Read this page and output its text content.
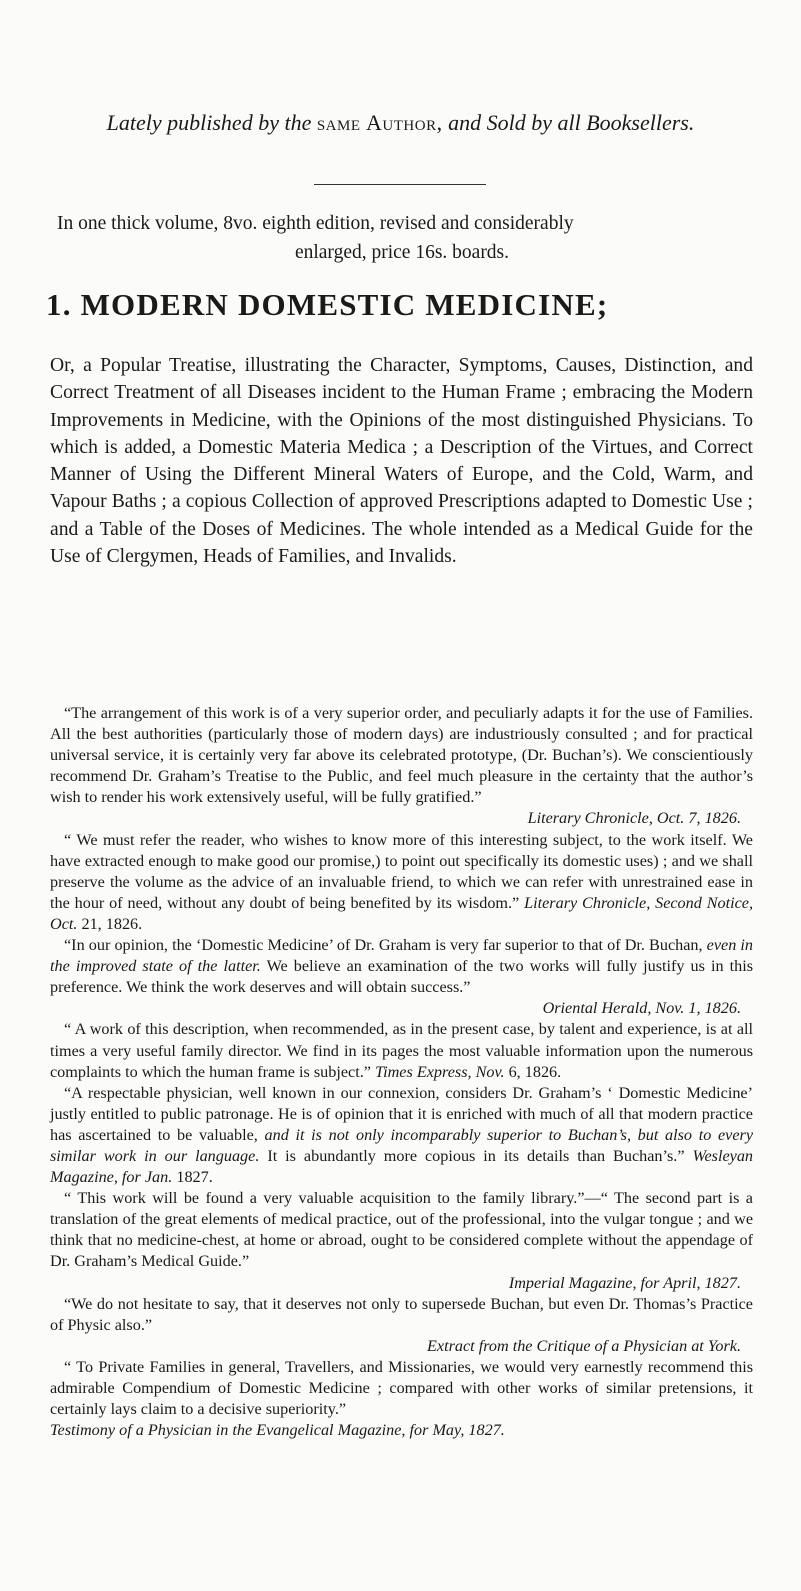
Lately published by the same Author, and Sold by all Booksellers.
In one thick volume, 8vo. eighth edition, revised and considerably
enlarged, price 16s. boards.
1. MODERN DOMESTIC MEDICINE;
Or, a Popular Treatise, illustrating the Character, Symptoms, Causes, Distinction, and Correct Treatment of all Diseases incident to the Human Frame ; embracing the Modern Improvements in Medicine, with the Opinions of the most distinguished Physicians. To which is added, a Domestic Materia Medica ; a Description of the Virtues, and Correct Manner of Using the Different Mineral Waters of Europe, and the Cold, Warm, and Vapour Baths ; a copious Collection of approved Prescriptions adapted to Domestic Use ; and a Table of the Doses of Medicines. The whole intended as a Medical Guide for the Use of Clergymen, Heads of Families, and Invalids.

“The arrangement of this work is of a very superior order, and peculiarly adapts it for the use of Families. All the best authorities (particularly those of modern days) are industriously consulted ; and for practical universal service, it is certainly very far above its celebrated prototype, (Dr. Buchan’s). We conscientiously recommend Dr. Graham’s Treatise to the Public, and feel much pleasure in the certainty that the author’s wish to render his work extensively useful, will be fully gratified.”

Literary Chronicle, Oct. 7, 1826.

“ We must refer the reader, who wishes to know more of this interesting subject, to the work itself. We have extracted enough to make good our promise,) to point out specifically its domestic uses) ; and we shall preserve the volume as the advice of an invaluable friend, to which we can refer with unrestrained ease in the hour of need, without any doubt of being benefited by its wisdom.” Literary Chronicle, Second Notice, Oct. 21, 1826.

“In our opinion, the ‘Domestic Medicine’ of Dr. Graham is very far superior to that of Dr. Buchan, even in the improved state of the latter. We believe an examination of the two works will fully justify us in this preference. We think the work deserves and will obtain success.”

Oriental Herald, Nov. 1, 1826.

“ A work of this description, when recommended, as in the present case, by talent and experience, is at all times a very useful family director. We find in its pages the most valuable information upon the numerous complaints to which the human frame is subject.” Times Express, Nov. 6, 1826.

“A respectable physician, well known in our connexion, considers Dr. Graham’s ‘ Domestic Medicine’ justly entitled to public patronage. He is of opinion that it is enriched with much of all that modern practice has ascertained to be valuable, and it is not only incomparably superior to Buchan’s, but also to every similar work in our language. It is abundantly more copious in its details than Buchan’s.” Wesleyan Magazine, for Jan. 1827.

“ This work will be found a very valuable acquisition to the family library.”—“ The second part is a translation of the great elements of medical practice, out of the professional, into the vulgar tongue ; and we think that no medicine-chest, at home or abroad, ought to be considered complete without the appendage of Dr. Graham’s Medical Guide.”

Imperial Magazine, for April, 1827.

“We do not hesitate to say, that it deserves not only to supersede Buchan, but even Dr. Thomas’s Practice of Physic also.”

Extract from the Critique of a Physician at York.

“ To Private Families in general, Travellers, and Missionaries, we would very earnestly recommend this admirable Compendium of Domestic Medicine ; compared with other works of similar pretensions, it certainly lays claim to a decisive superiority.”

Testimony of a Physician in the Evangelical Magazine, for May, 1827.
